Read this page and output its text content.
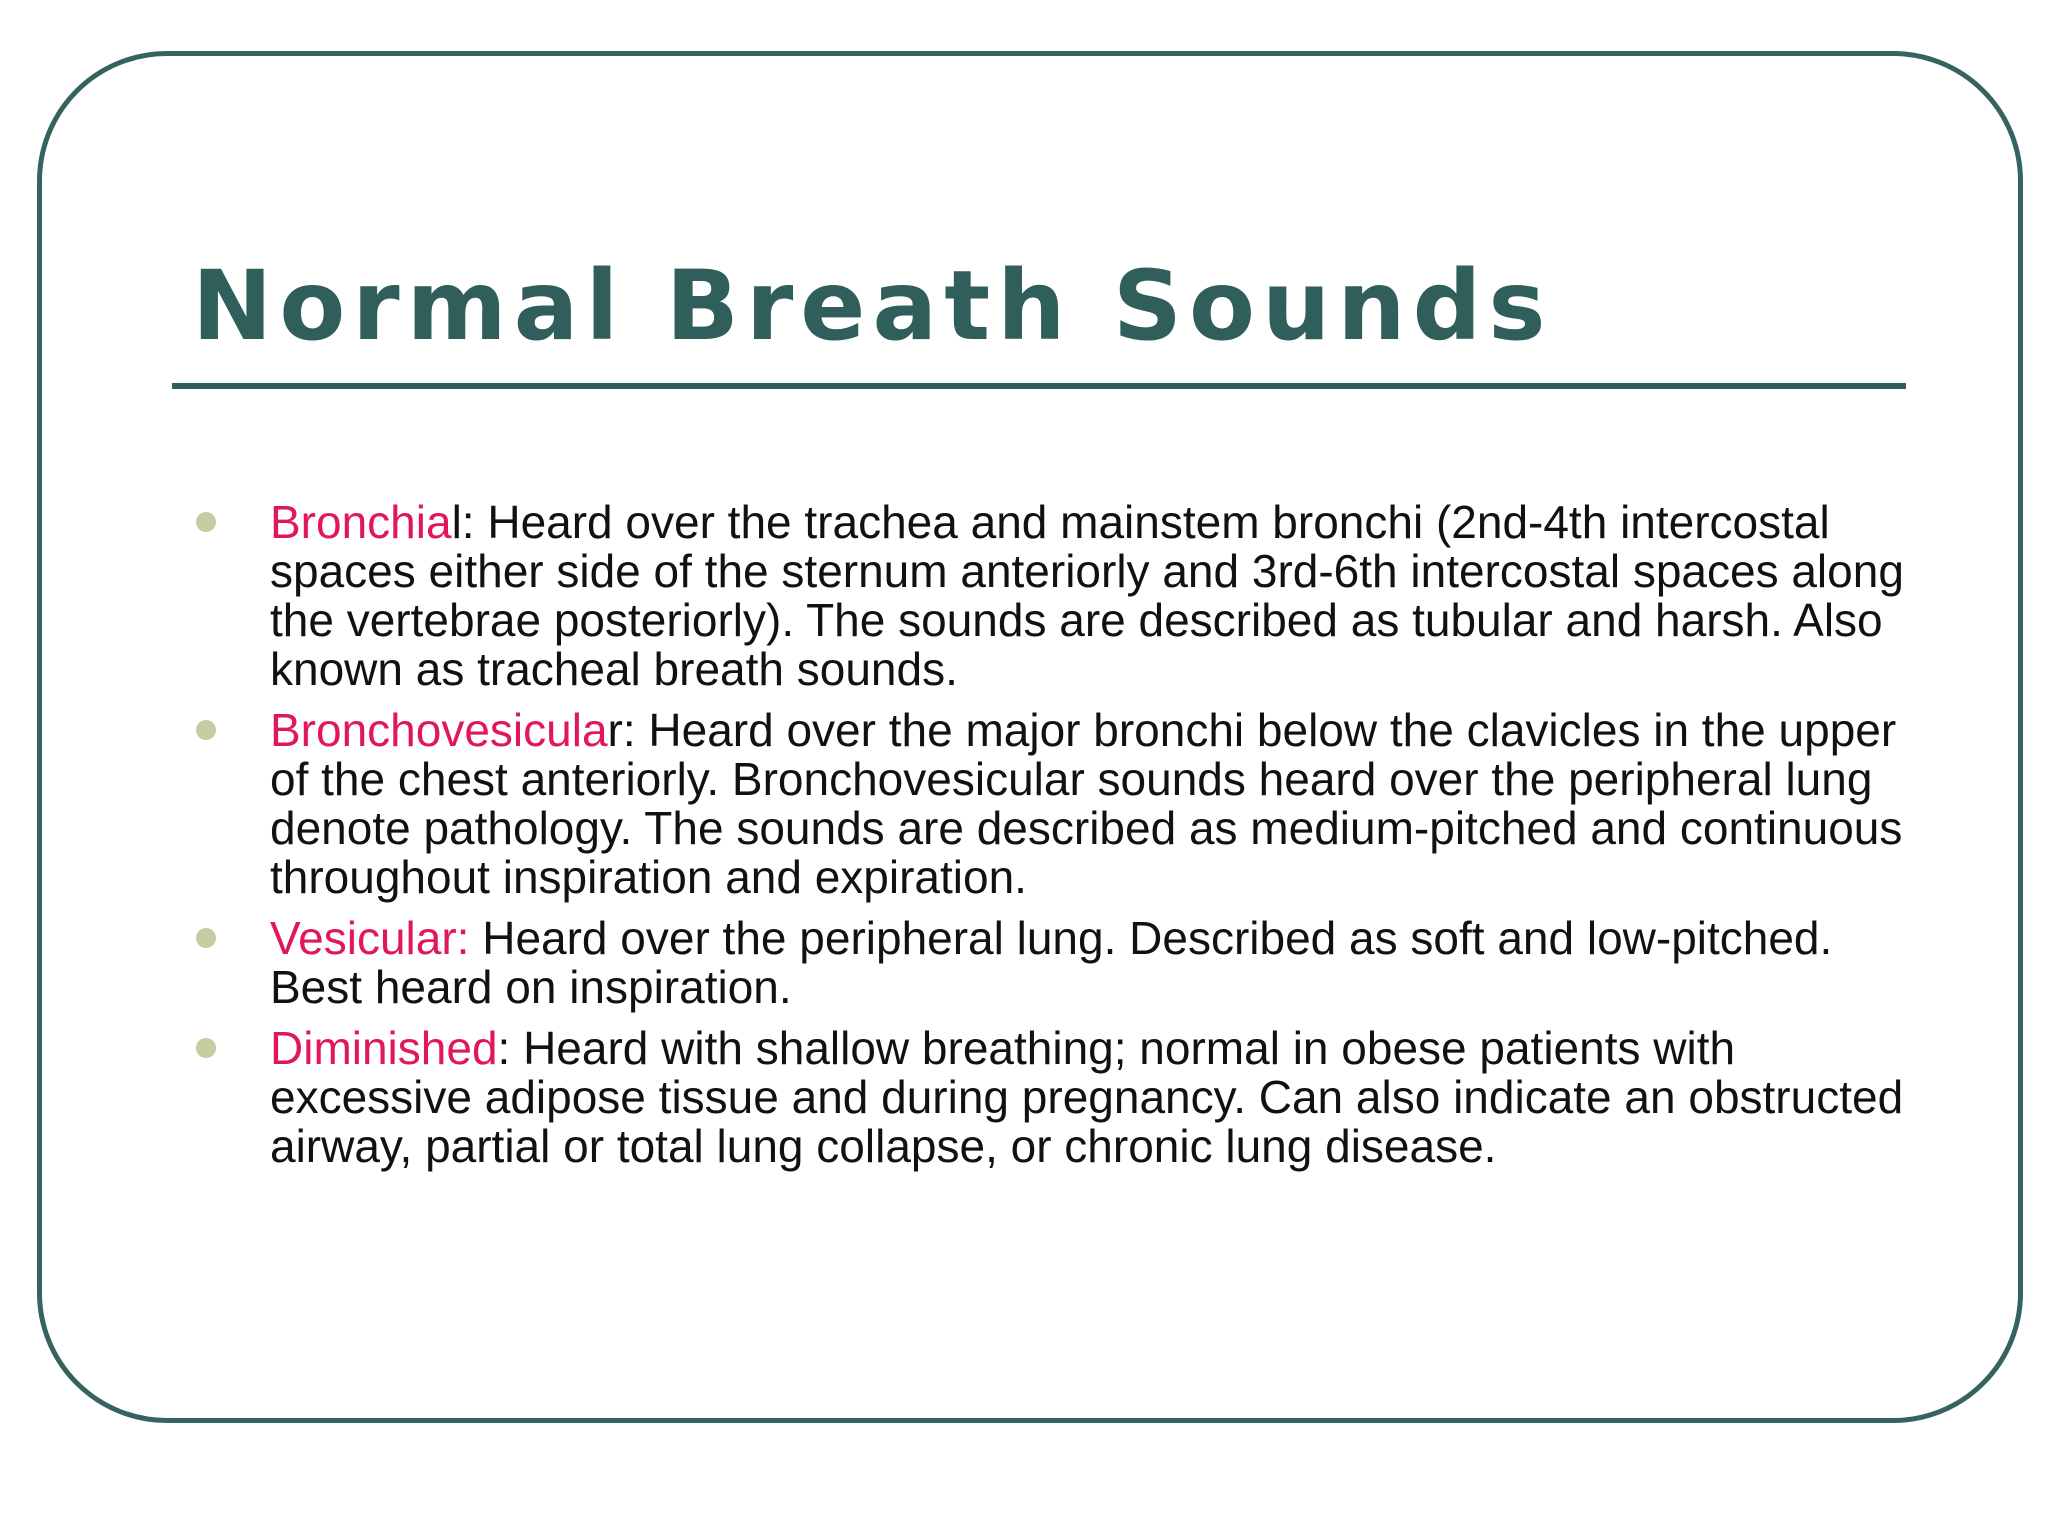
Normal Breath Sounds
Bronchial: Heard over the trachea and mainstem bronchi (2nd-4th intercostal spaces either side of the sternum anteriorly and 3rd-6th intercostal spaces along the vertebrae posteriorly). The sounds are described as tubular and harsh. Also known as tracheal breath sounds.
Bronchovesicular: Heard over the major bronchi below the clavicles in the upper of the chest anteriorly. Bronchovesicular sounds heard over the peripheral lung denote pathology. The sounds are described as medium-pitched and continuous throughout inspiration and expiration.
Vesicular: Heard over the peripheral lung. Described as soft and low-pitched. Best heard on inspiration.
Diminished: Heard with shallow breathing; normal in obese patients with excessive adipose tissue and during pregnancy. Can also indicate an obstructed airway, partial or total lung collapse, or chronic lung disease.
